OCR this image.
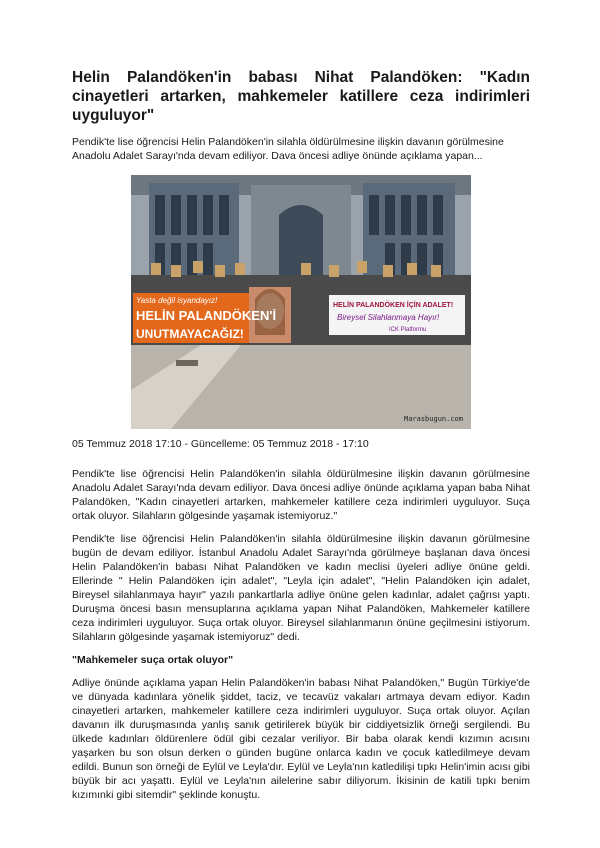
Helin Palandöken'in babası Nihat Palandöken: "Kadın cinayetleri artarken, mahkemeler katillere ceza indirimleri uyguluyor"
Pendik'te lise öğrencisi Helin Palandöken'in silahla öldürülmesine ilişkin davanın görülmesine Anadolu Adalet Sarayı'nda devam ediliyor. Dava öncesi adliye önünde açıklama yapan...
Yasta değil isyandayız!
HELİN PALANDÖKEN'İ
UNUTMAYACAĞIZ!
HELİN PALANDÖKEN İÇİN ADALET!
Bireysel Silahlanmaya Hayır!
ICK Platformu
Marasbugun.com
05 Temmuz 2018 17:10 - Güncelleme: 05 Temmuz 2018 - 17:10

Pendik'te lise öğrencisi Helin Palandöken'in silahla öldürülmesine ilişkin davanın görülmesine Anadolu Adalet Sarayı'nda devam ediliyor. Dava öncesi adliye önünde açıklama yapan baba Nihat Palandöken, "Kadın cinayetleri artarken, mahkemeler katillere ceza indirimleri uyguluyor. Suça ortak oluyor. Silahların gölgesinde yaşamak istemiyoruz."

Pendik'te lise öğrencisi Helin Palandöken'in silahla öldürülmesine ilişkin davanın görülmesine bugün de devam ediliyor. İstanbul Anadolu Adalet Sarayı'nda görülmeye başlanan dava öncesi Helin Palandöken'in babası Nihat Palandöken ve kadın meclisi üyeleri adliye önüne geldi. Ellerinde " Helin Palandöken için adalet", "Leyla için adalet", "Helin Palandöken için adalet, Bireysel silahlanmaya hayır" yazılı pankartlarla adliye önüne gelen kadınlar, adalet çağrısı yaptı. Duruşma öncesi basın mensuplarına açıklama yapan Nihat Palandöken, Mahkemeler katillere ceza indirimleri uyguluyor. Suça ortak oluyor. Bireysel silahlanmanın önüne geçilmesini istiyorum. Silahların gölgesinde yaşamak istemiyoruz" dedi.

"Mahkemeler suça ortak oluyor"

Adliye önünde açıklama yapan Helin Palandöken'in babası Nihat Palandöken," Bugün Türkiye'de ve dünyada kadınlara yönelik şiddet, taciz, ve tecavüz vakaları artmaya devam ediyor. Kadın cinayetleri artarken, mahkemeler katillere ceza indirimleri uyguluyor. Suça ortak oluyor. Açılan davanın ilk duruşmasında yanlış sanık getirilerek büyük bir ciddiyetsizlik örneği sergilendi. Bu ülkede kadınları öldürenlere ödül gibi cezalar veriliyor. Bir baba olarak kendi kızımın acısını yaşarken bu son olsun derken o günden bugüne onlarca kadın ve çocuk katledilmeye devam edildi. Bunun son örneği de Eylül ve Leyla'dır. Eylül ve Leyla'nın katledilişi tıpkı Helin'imin acısı gibi büyük bir acı yaşattı. Eylül ve Leyla'nın ailelerine sabır diliyorum. İkisinin de katili tıpkı benim kızımınki gibi sitemdir" şeklinde konuştu.
